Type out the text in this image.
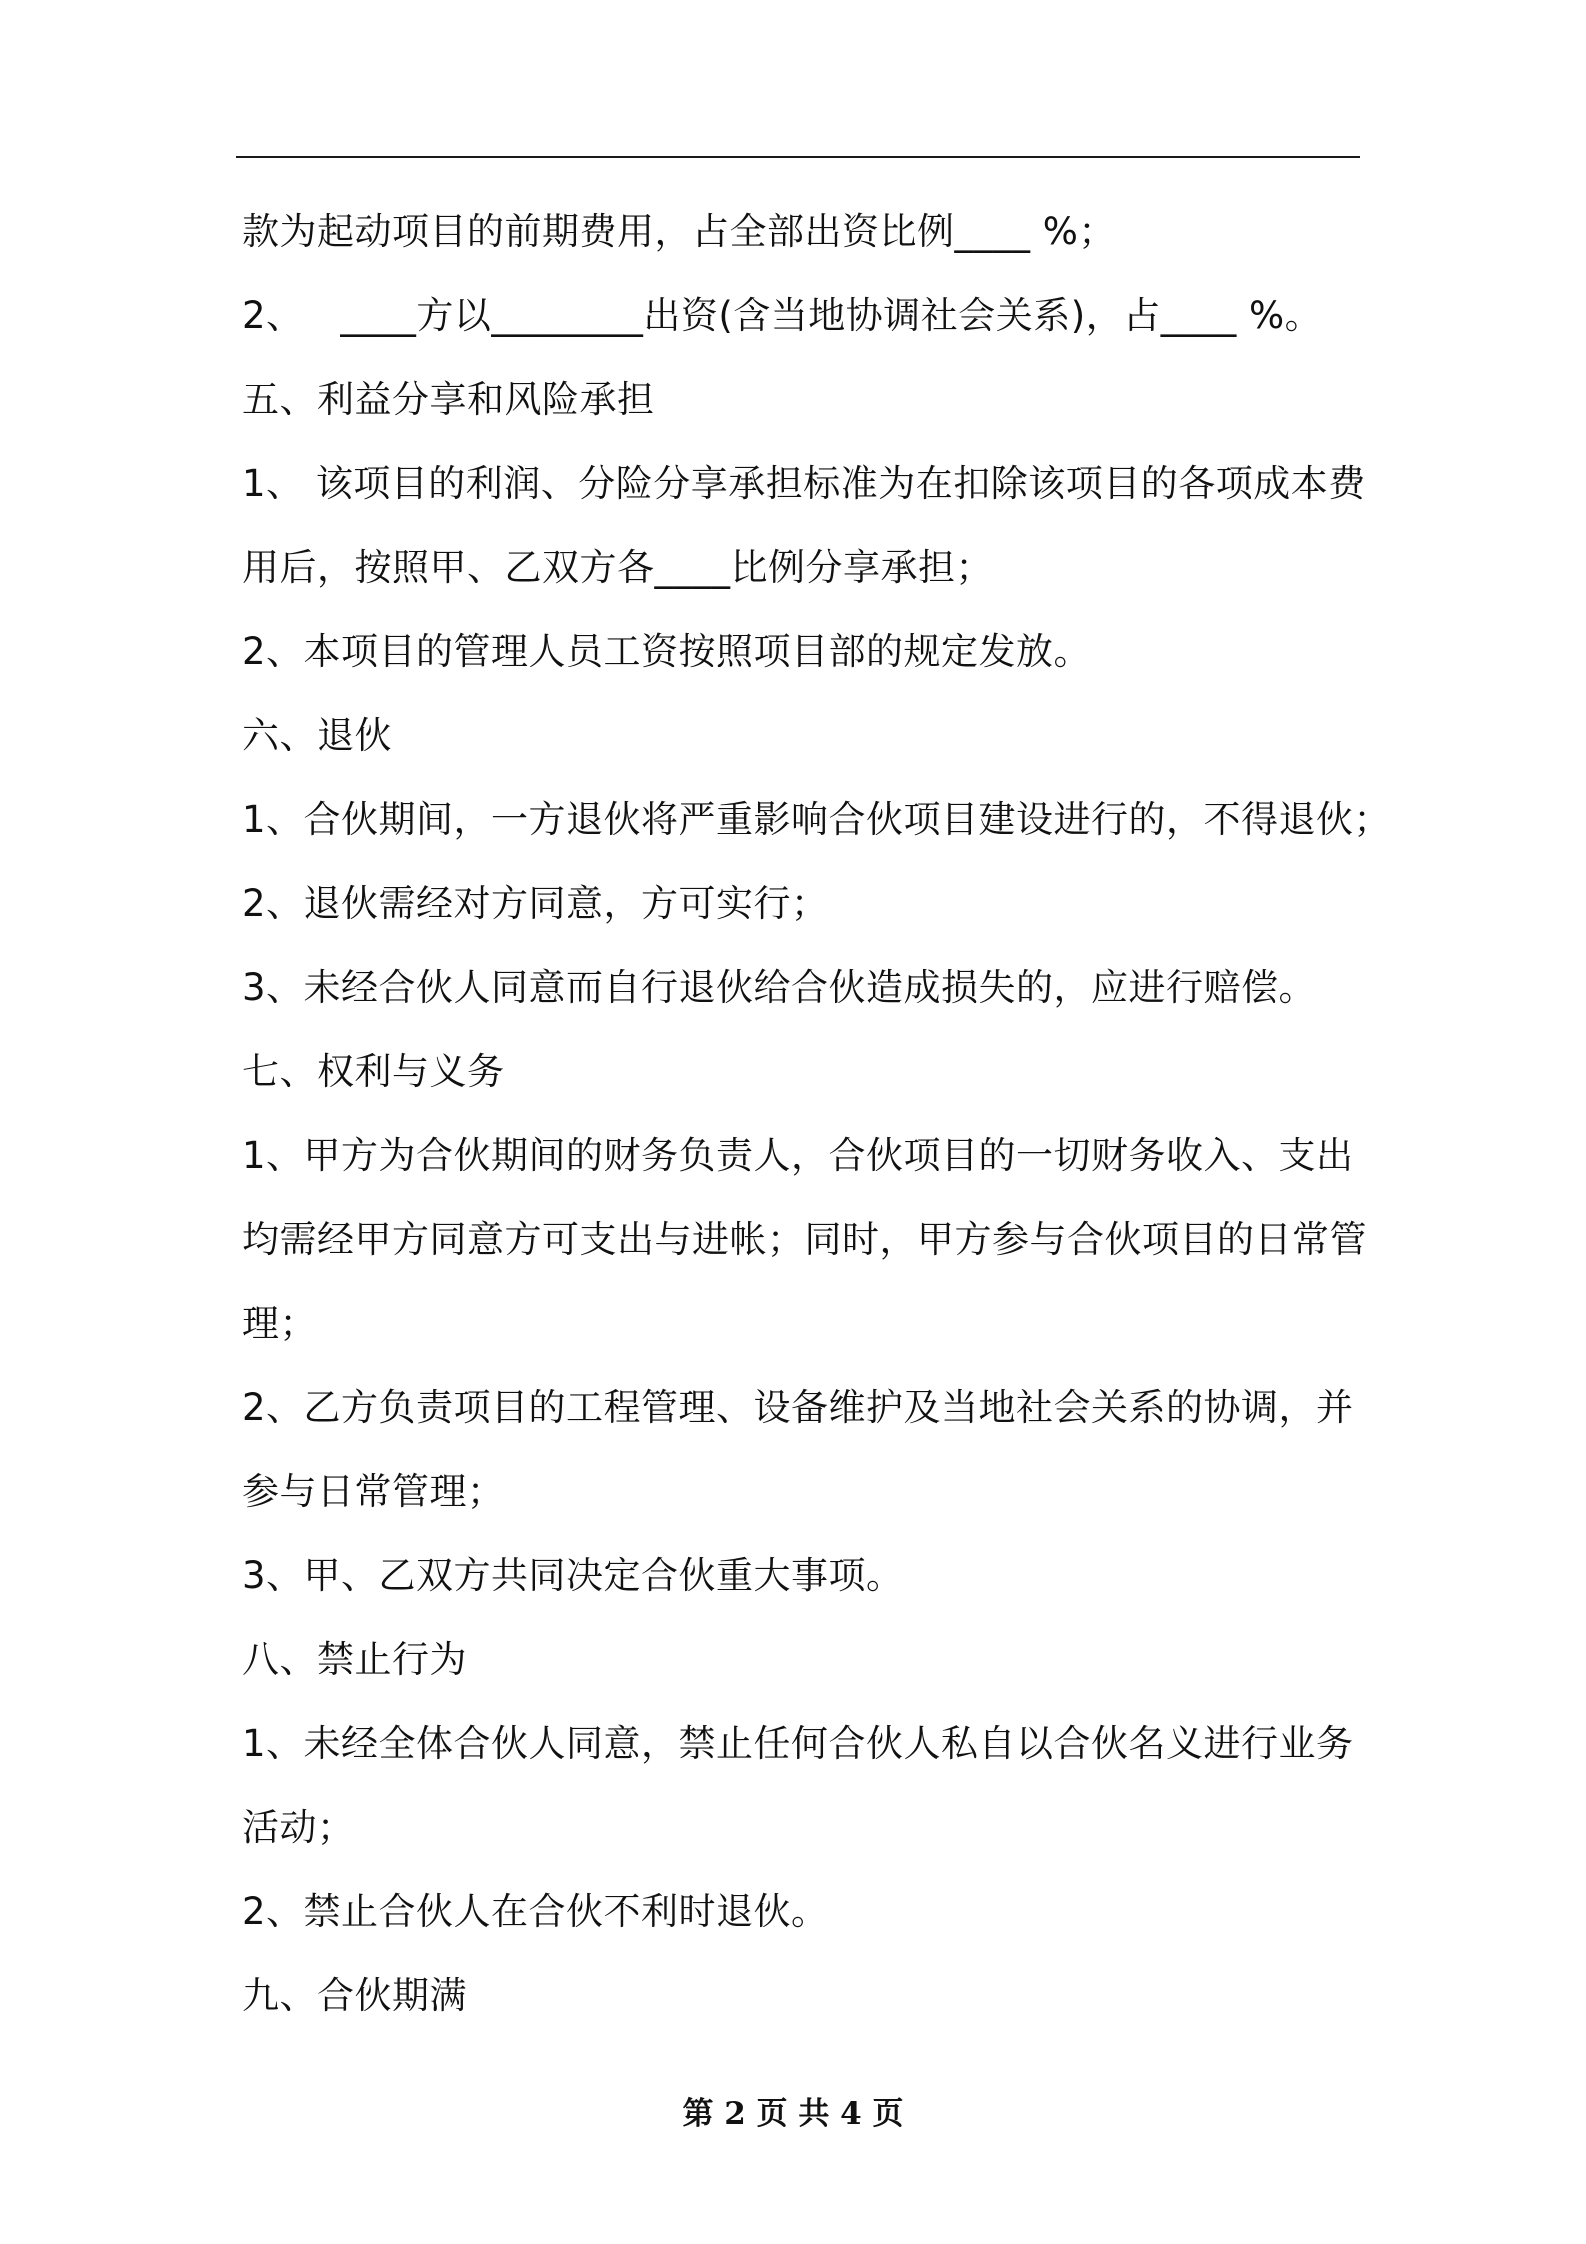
款为起动项目的前期费用，占全部出资比例____ %；
2、   ____方以________出资(含当地协调社会关系)，占____ %。
五、利益分享和风险承担
1、 该项目的利润、分险分享承担标准为在扣除该项目的各项成本费
用后，按照甲、乙双方各____比例分享承担；
2、本项目的管理人员工资按照项目部的规定发放。
六、退伙
1、合伙期间，一方退伙将严重影响合伙项目建设进行的，不得退伙；
2、退伙需经对方同意，方可实行；
3、未经合伙人同意而自行退伙给合伙造成损失的，应进行赔偿。
七、权利与义务
1、甲方为合伙期间的财务负责人，合伙项目的一切财务收入、支出
均需经甲方同意方可支出与进帐；同时，甲方参与合伙项目的日常管
理；
2、乙方负责项目的工程管理、设备维护及当地社会关系的协调，并
参与日常管理；
3、甲、乙双方共同决定合伙重大事项。
八、禁止行为
1、未经全体合伙人同意，禁止任何合伙人私自以合伙名义进行业务
活动；
2、禁止合伙人在合伙不利时退伙。
九、合伙期满
第 2 页 共 4 页
